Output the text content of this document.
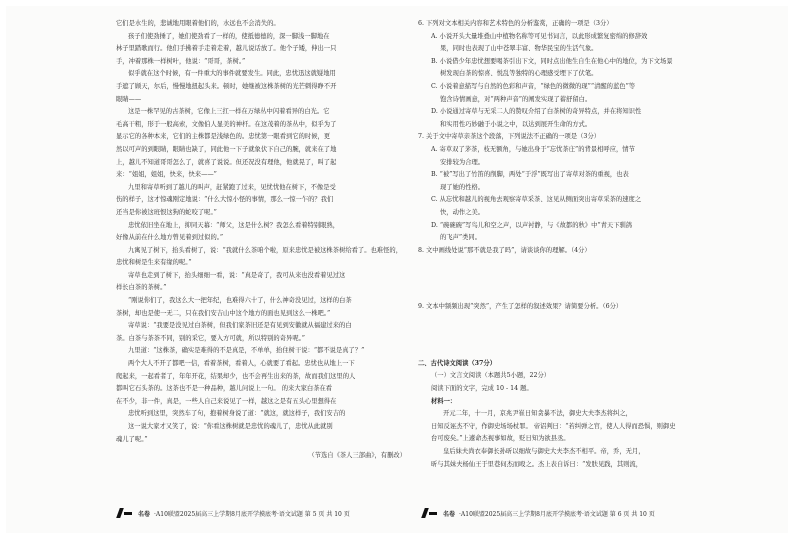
它们是水生的，悲诚地用眼着他们的，水远也不会消失的。
孩子们使劲捶了，她们使劲看了一样的，使抵德德的，深一脚浅一脚地在
林子里踏歌而行。他们手拂着手走着走着，越儿说话放了。他个子矮，伸出一只
手，冲着那株一样树叶，他说：“哥哥，茶树。”
似乎就在这个时候，有一件重大的事件就要发生。同此，忠忧迅这就疑地用
手遮了顾天，尔后，慢慢地扭起头来。顿时，她继被这株茶树的光芒刺得睁不开
眼睛——
这是一株罕见的古茶树，它像上三扛一样在万绿丛中闪着看异的白光。它
毛高干粗，形于一般高索，文像伯人显美的神杆。在这茂着的茶丛中，似乎为了
显示它的各种本来，它们的主株都是浅绿色的。忠忧第一眼看到它的时候，更
然以可声的到眼睛，眼睛也缺了，同此他一下子就象伏下自己的腕，就来在了地
上，越儿不知道哥哥怎么了，就喜了说说。但还况没有理他，他就晃了，叫了起
来：“姐姐，姐姐，快来，快来——”
九里和寄草听到了越儿的叫声，赶紧跑了过来，见忧忧他在树下，不像是受
伤的样子，这才惊魂刚定地说：“什么大惊小怪的事情，那么一惊一乍的？我们
还当是你被这班恨这狗的蛇咬了呢。”
忠忧依旧坐在地上，抑同天幕：“师父，这是什么树？我怎么看着特别眼熟，
好像从前在什么地方曾见着到过似的。”
九寓见了树下，抬头看树了，说：“我就什么茶咱个啦，原来忠忧是被这株茶树给看了。也难怪的，
忠忧和树是生来有缘的呢。”
寄草也走到了树下，抬头细细一看，说：“真是奇了，我可从来也没看着见过这
样长白茶的茶树。”
“刚说你们了，我这么大一把年纪，也难得六十了，什么神奇没见过，这样的白茶
茶树，却也是使一无二，只在我们安吉山中这个地方的面也见到这么一株吧。”
寄草说：“我要是没见过白茶树，但我们家茶旧还是有见到安徽就从福建过来的白
茶。白茶与茶茶不同，别的采它，要入方可就，所以特别的奇异呢。”
九里道：“这株茶，确实是难得的不是真是，不单单，抬住树干说：“都不说是真了？”
两个大人不开了都吧一信，看着茶树，看着人，心就要了看起。忠忧也从地上一下
爬起来，一起看者了，年年开花，结果却少，也不会再生出来的茶，故而我们这里的人
都叫它石头茶的。这茶也不是一种品种，越儿问说上一句。 的来大家白茶在看
在不少，非一件，真是，一些人自己来说见了一样，越这之是有五头心里想得在
忠忧听到这里，突然车了句，抱着树身说了道：“就这，就这样子，我们安吉的
这一说大家才又笑了，说：“你看这株树就是忠忧的魂儿了，忠忧从此就别
魂儿了呢。”
（节选自《茶人三部曲》，有删改）
6. 下列对文本相关内容和艺术特色的分析鉴赏，正确的一项是（3分）
A. 小说开头大量堆叠山中植物名称等可见书词言，以此形成繁复密绵的修辞效
果，同时也表现了山中苍翠丰富、物华民宝的生活气象。
B. 小说借少年忠忧想要喝茶引出下文，同时点出他生自生在他心中的地位，为下文场景
树发现白茶的惊喜、悦乱等独特的心理感受埋下了伏笔。
C. 小说着意描写与自然的色彩和声音，“绿色的微微的现”“清醒的蓝色”等
饱含诗情画意，对“两种声音”的阐发实现了蓄舒留白。
D. 小说通过寄草与无采二人的赞叹介绍了白茶树的奇异特点，并在将知识性
和实用性巧妙融于小说之中，以达到展开生命的方式。
7. 关于文中寄草亲茶这个段落，下列说法不正确的一项是（3分）
A. 寄草双了茅茶，枝无额角，与她出身于“忘忧茶庄”的背景相呼应，情节
安排较为合理。
B. “被”写出了竹笛的削脚，两处“于浮”既写出了寄草对茶的重视，也表
现了她的性格。
C. 从忘忧和越儿的视角去观察寄草采茶、这见从侧面突出寄草采茶的速度之
快，动作之美。
D. “碗碗碗”写鸟儿和空之声，以声衬静，与《故都的秋》中“青天下驯鸽
的飞声”类同。
8. 文中画线处说“那不就是我了吗”，请谈谈你的理解。（4分）
9. 文本中频频出现“突然”，产生了怎样的叙述效果？请简要分析。（6分）
二、古代诗文阅读（37分）
（一）文言文阅读（本题共5小题，22分）
阅读下面的文字，完成 10 - 14 题。
材料一：
开元二年，十一月，京兆尹崔日知贪暴不法，御史大夫李杰将纠之，
日知反诬杰不守，作御史场场杖罪。 帝诏判曰：“若纠弹之官，使人人得而恐惧，则御史
台可废矣。”上遽命杰视事如故，贬日知为欲县丞。
皇后妹夫尚衣奉御长孙昕以细故与御史大夫李杰不相平。帝，乔，无月，
昕与其妹夫杨仙王于里巷伺杰而殴之。杰上表自诉曰：“发肤见践，其则流，
名卷 ·A10联盟2025届高三上学期8月底开学摸底考·语文试题 第 5 页 共 10 页	名卷 ·A10联盟2025届高三上学期8月底开学摸底考·语文试题 第 6 页 共 10 页
